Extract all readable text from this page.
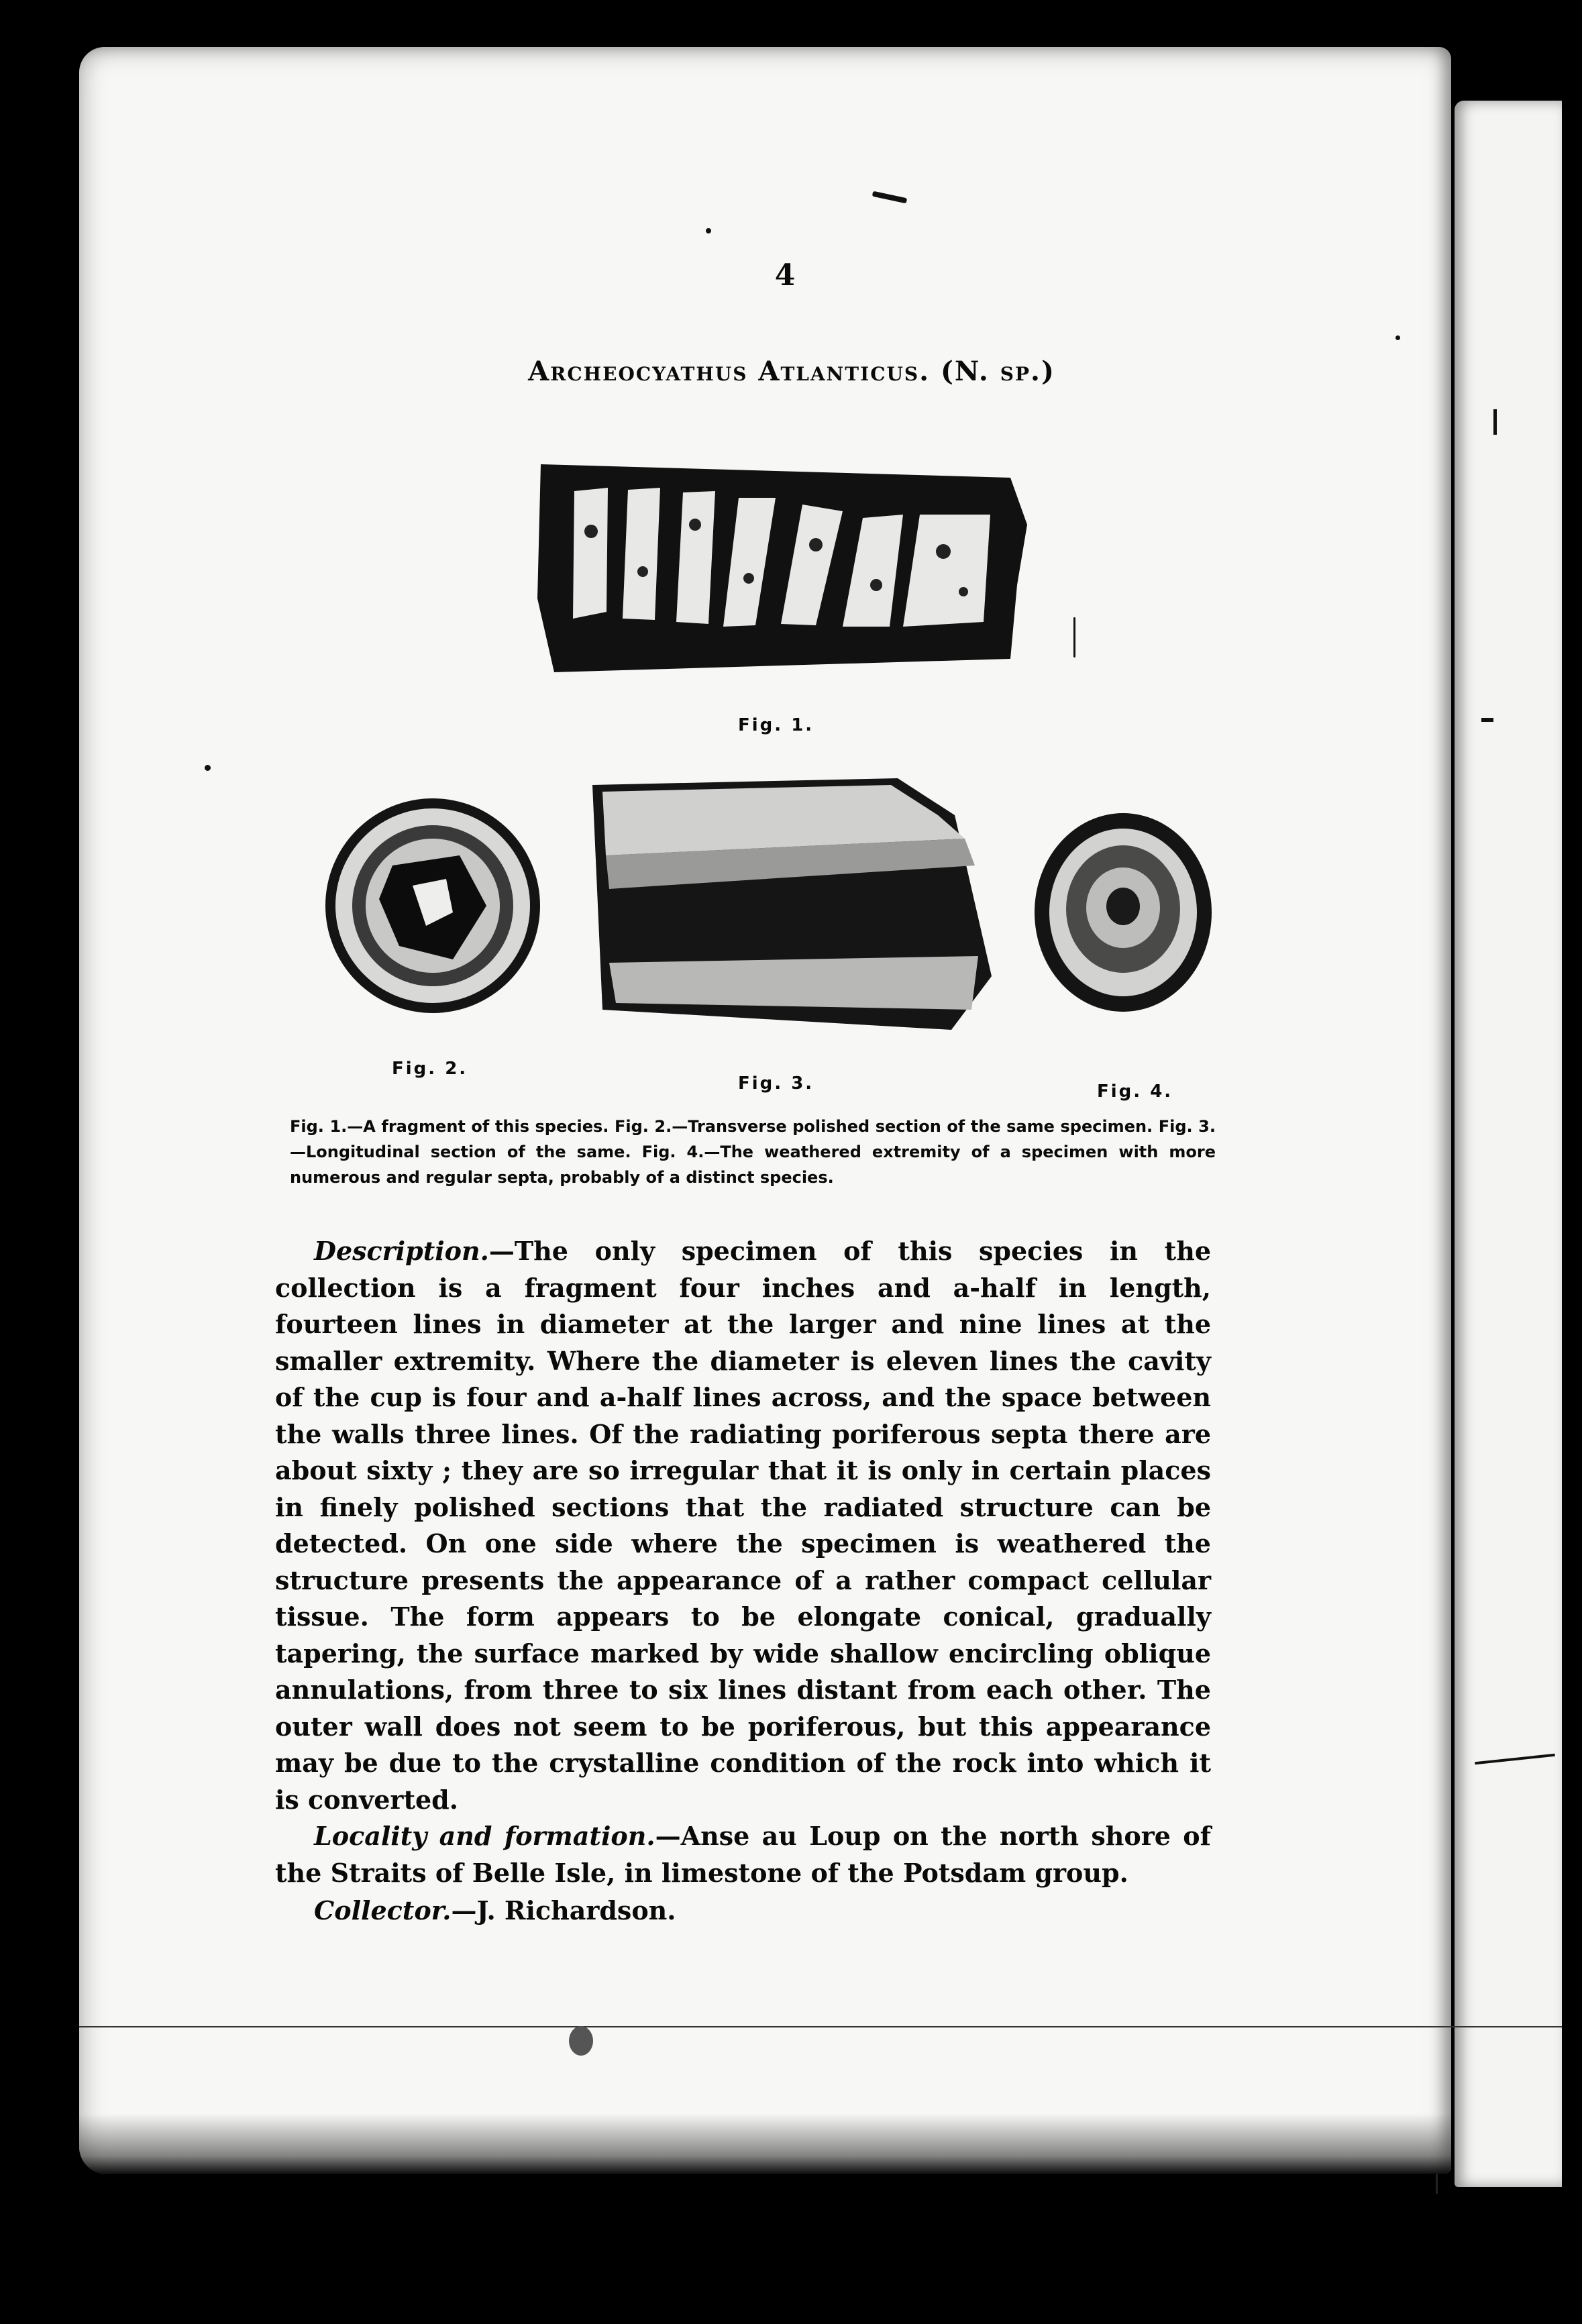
4
Archeocyathus Atlanticus. (N. sp.)
Fig. 1.
Fig. 2.
Fig. 3.	Fig. 4.
Fig. 1.—A fragment of this species. Fig. 2.—Transverse polished section of the same specimen. Fig. 3.—Longitudinal section of the same. Fig. 4.—The weathered extremity of a specimen with more numerous and regular septa, probably of a distinct species.

Description.—The only specimen of this species in the collection is a fragment four inches and a-half in length, fourteen lines in diameter at the larger and nine lines at the smaller extremity. Where the diameter is eleven lines the cavity of the cup is four and a-half lines across, and the space between the walls three lines. Of the radiating poriferous septa there are about sixty ; they are so irregular that it is only in certain places in finely polished sections that the radiated structure can be detected. On one side where the specimen is weathered the structure presents the appearance of a rather compact cellular tissue. The form appears to be elongate conical, gradually tapering, the surface marked by wide shallow encircling oblique annulations, from three to six lines distant from each other. The outer wall does not seem to be poriferous, but this appearance may be due to the crystalline condition of the rock into which it is converted.

Locality and formation.—Anse au Loup on the north shore of the Straits of Belle Isle, in limestone of the Potsdam group.

Collector.—J. Richardson.
